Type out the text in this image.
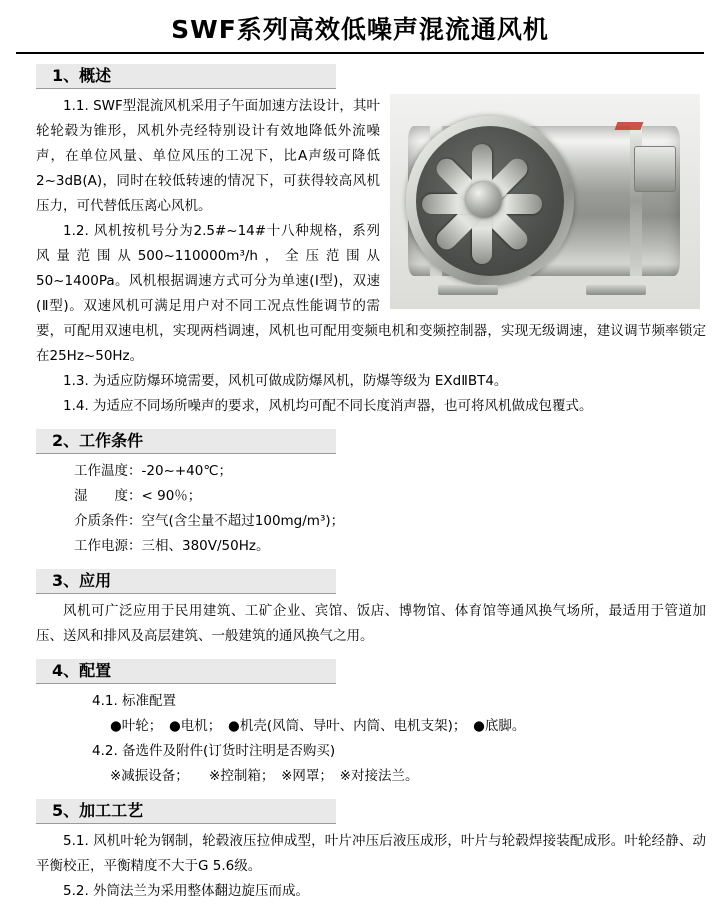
SWF系列高效低噪声混流通风机
1、概述

1.1. SWF型混流风机采用子午面加速方法设计，其叶轮轮毂为锥形，风机外壳经特别设计有效地降低外流噪声，在单位风量、单位风压的工况下，比A声级可降低2~3dB(A)，同时在较低转速的情况下，可获得较高风机压力，可代替低压离心风机。

1.2. 风机按机号分为2.5#~14#十八种规格，系列风量范围从500~110000m³/h，全压范围从50~1400Pa。风机根据调速方式可分为单速(Ⅰ型)，双速(Ⅱ型)。双速风机可满足用户对不同工况点性能调节的需要，可配用双速电机，实现两档调速，风机也可配用变频电机和变频控制器，实现无级调速，建议调节频率锁定在25Hz~50Hz。

1.3. 为适应防爆环境需要，风机可做成防爆风机，防爆等级为 EXdⅡBT4。

1.4. 为适应不同场所噪声的要求，风机均可配不同长度消声器，也可将风机做成包覆式。

2、工作条件

工作温度：-20~+40℃；

湿　　度：< 90％；

介质条件：空气(含尘量不超过100mg/m³)；

工作电源：三相、380V/50Hz。

3、应用

风机可广泛应用于民用建筑、工矿企业、宾馆、饭店、博物馆、体育馆等通风换气场所，最适用于管道加压、送风和排风及高层建筑、一般建筑的通风换气之用。

4、配置

4.1. 标准配置

●叶轮；　●电机；　●机壳(风筒、导叶、内筒、电机支架)；　●底脚。

4.2. 备选件及附件(订货时注明是否购买)

※减振设备；　　※控制箱；　※网罩；　※对接法兰。

5、加工工艺

5.1. 风机叶轮为钢制，轮毂液压拉伸成型，叶片冲压后液压成形，叶片与轮毂焊接装配成形。叶轮经静、动平衡校正，平衡精度不大于G 5.6级。

5.2. 外筒法兰为采用整体翻边旋压而成。
